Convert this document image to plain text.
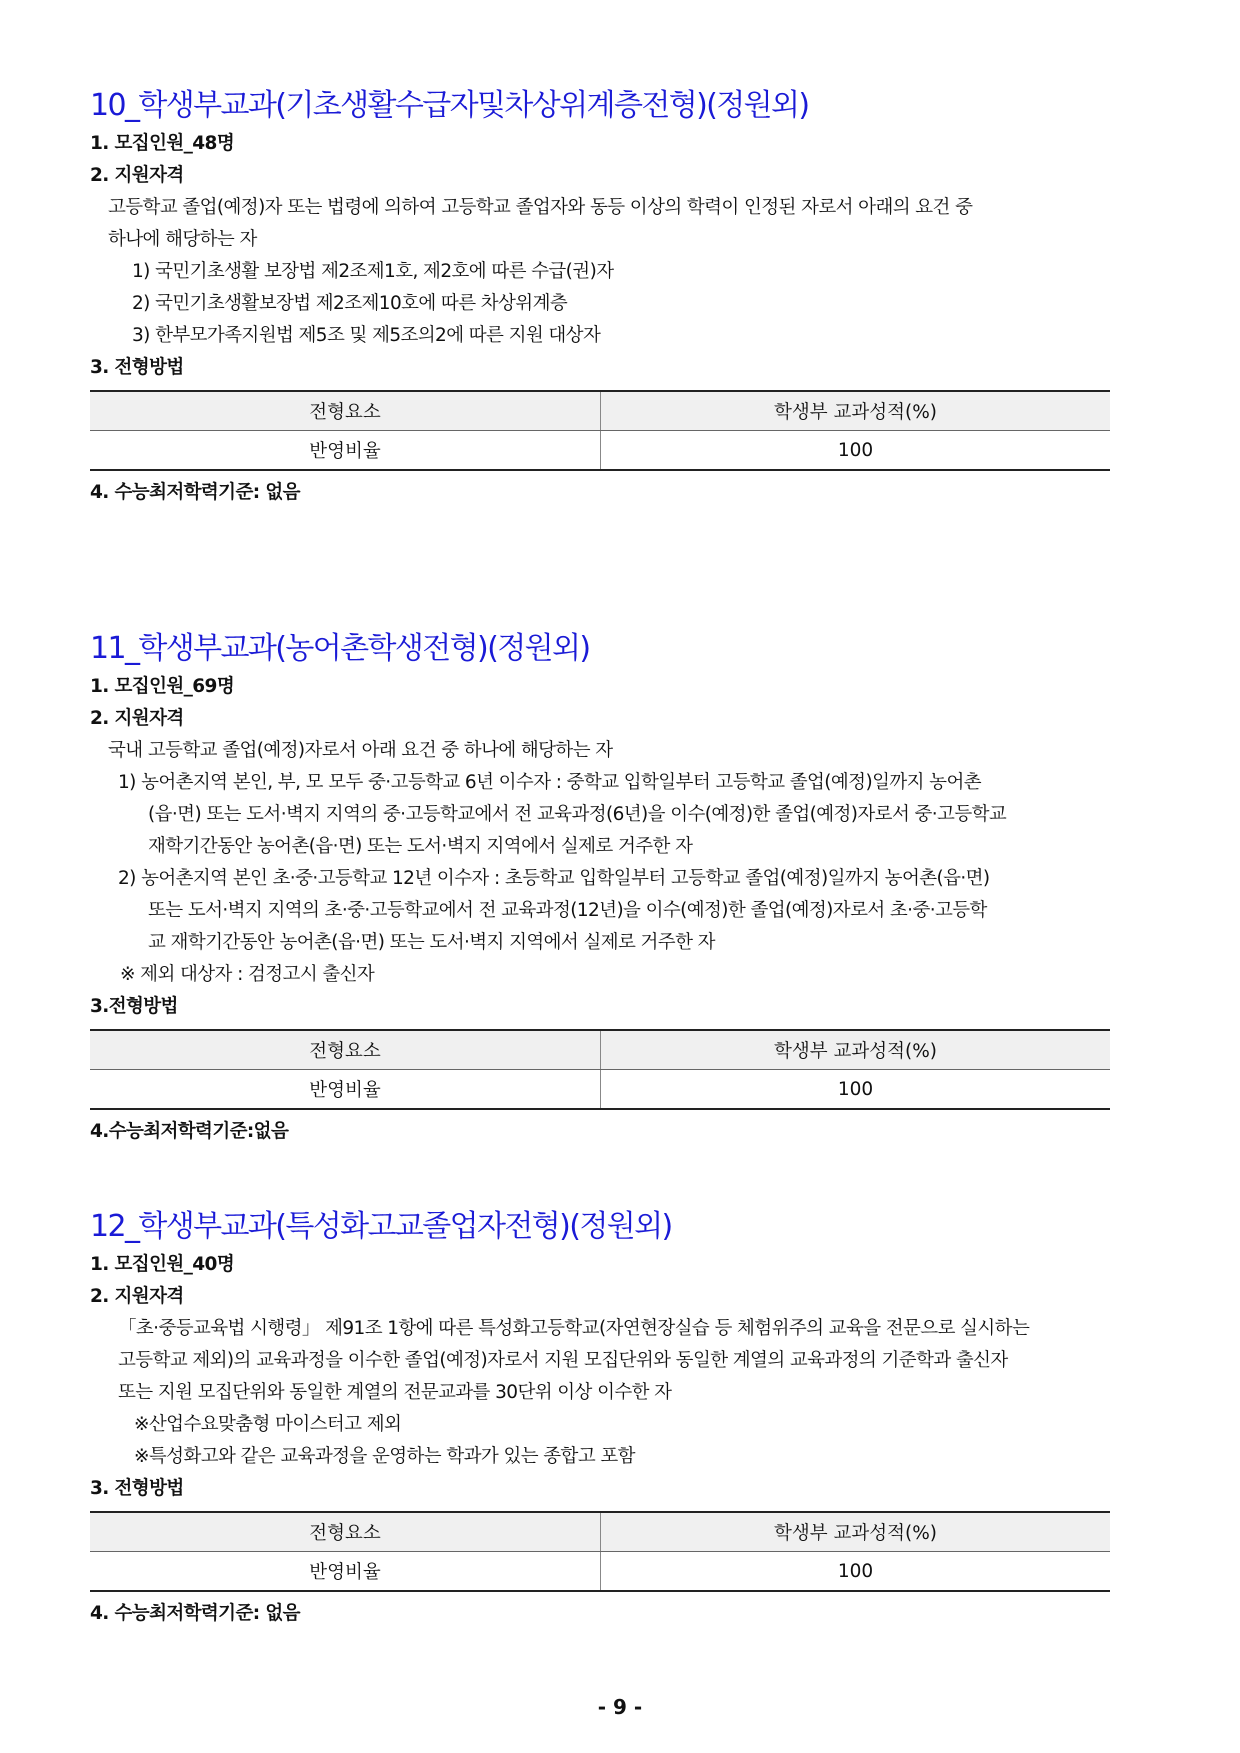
10_학생부교과(기초생활수급자및차상위계층전형)(정원외)
1. 모집인원_48명
2. 지원자격
고등학교 졸업(예정)자 또는 법령에 의하여 고등학교 졸업자와 동등 이상의 학력이 인정된 자로서 아래의 요건 중
하나에 해당하는 자
1) 국민기초생활 보장법 제2조제1호, 제2호에 따른 수급(권)자
2) 국민기초생활보장법 제2조제10호에 따른 차상위계층
3) 한부모가족지원법 제5조 및 제5조의2에 따른 지원 대상자
3. 전형방법
전형요소	학생부 교과성적(%)
반영비율	100
4. 수능최저학력기준: 없음
11_학생부교과(농어촌학생전형)(정원외)
1. 모집인원_69명
2. 지원자격
국내 고등학교 졸업(예정)자로서 아래 요건 중 하나에 해당하는 자
1) 농어촌지역 본인, 부, 모 모두 중·고등학교 6년 이수자 : 중학교 입학일부터 고등학교 졸업(예정)일까지 농어촌
(읍·면) 또는 도서·벽지 지역의 중·고등학교에서 전 교육과정(6년)을 이수(예정)한 졸업(예정)자로서 중·고등학교
재학기간동안 농어촌(읍·면) 또는 도서·벽지 지역에서 실제로 거주한 자
2) 농어촌지역 본인 초·중·고등학교 12년 이수자 : 초등학교 입학일부터 고등학교 졸업(예정)일까지 농어촌(읍·면)
또는 도서·벽지 지역의 초·중·고등학교에서 전 교육과정(12년)을 이수(예정)한 졸업(예정)자로서 초·중·고등학
교 재학기간동안 농어촌(읍·면) 또는 도서·벽지 지역에서 실제로 거주한 자
※ 제외 대상자 : 검정고시 출신자
3.전형방법
전형요소	학생부 교과성적(%)
반영비율	100
4.수능최저학력기준:없음
12_학생부교과(특성화고교졸업자전형)(정원외)
1. 모집인원_40명
2. 지원자격
「초·중등교육법 시행령」 제91조 1항에 따른 특성화고등학교(자연현장실습 등 체험위주의 교육을 전문으로 실시하는
고등학교 제외)의 교육과정을 이수한 졸업(예정)자로서 지원 모집단위와 동일한 계열의 교육과정의 기준학과 출신자
또는 지원 모집단위와 동일한 계열의 전문교과를 30단위 이상 이수한 자
※산업수요맞춤형 마이스터고 제외
※특성화고와 같은 교육과정을 운영하는 학과가 있는 종합고 포함
3. 전형방법
전형요소	학생부 교과성적(%)
반영비율	100
4. 수능최저학력기준: 없음
- 9 -
